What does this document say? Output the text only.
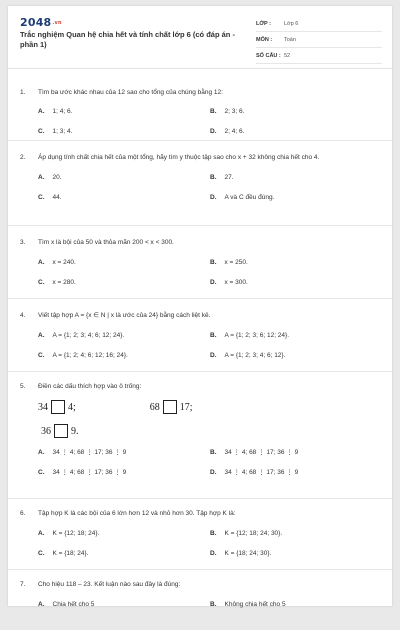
2048.vn
Trắc nghiệm Quan hệ chia hết và tính chất lớp 6 (có đáp án - phần 1)
LỚP :	Lớp 6
MÔN :	Toán
SỐ CÂU : 52
1.	Tìm ba ước khác nhau của 12 sao cho tổng của chúng bằng 12:
A. 1; 4; 6.	B. 2; 3; 6.
C. 1; 3; 4.	D. 2; 4; 6.
2.	Áp dụng tính chất chia hết của một tổng, hãy tìm y thuộc tập sao cho x + 32 không chia hết cho 4.
A. 20.	B. 27.
C. 44.	D. A và C đều đúng.
3.	Tìm x là bội của 50 và thỏa mãn 200 < x < 300.
A. x = 240.	B. x = 250.
C. x = 280.	D. x = 300.
4.	Viết tập hợp A = {x ∈ N | x là ước của 24} bằng cách liệt kê.
A. A = {1; 2; 3; 4; 6; 12; 24}.	B. A = {1; 2; 3; 6; 12; 24}.
C. A = {1; 2; 4; 6; 12; 16; 24}.	D. A = {1; 2; 3; 4; 6; 12}.
5.	Điền các dấu thích hợp vào ô trống:
34 4;	68 17;
36 9.
A. 34 ⋮ 4; 68 ⋮ 17; 36 ⋮ 9	B. 34 ⋮ 4; 68 ⋮ 17; 36 ⋮ 9
C. 34 ⋮ 4; 68 ⋮ 17; 36 ⋮ 9	D. 34 ⋮ 4; 68 ⋮ 17; 36 ⋮ 9
6.	Tập hợp K là các bội của 6 lớn hơn 12 và nhỏ hơn 30. Tập hợp K là:
A. K = {12; 18; 24}.	B. K = {12; 18; 24; 30}.
C. K = {18; 24}.	D. K = {18; 24; 30}.
7.	Cho hiệu 118 – 23. Kết luận nào sau đây là đúng:
A. Chia hết cho 5	B. Không chia hết cho 5
